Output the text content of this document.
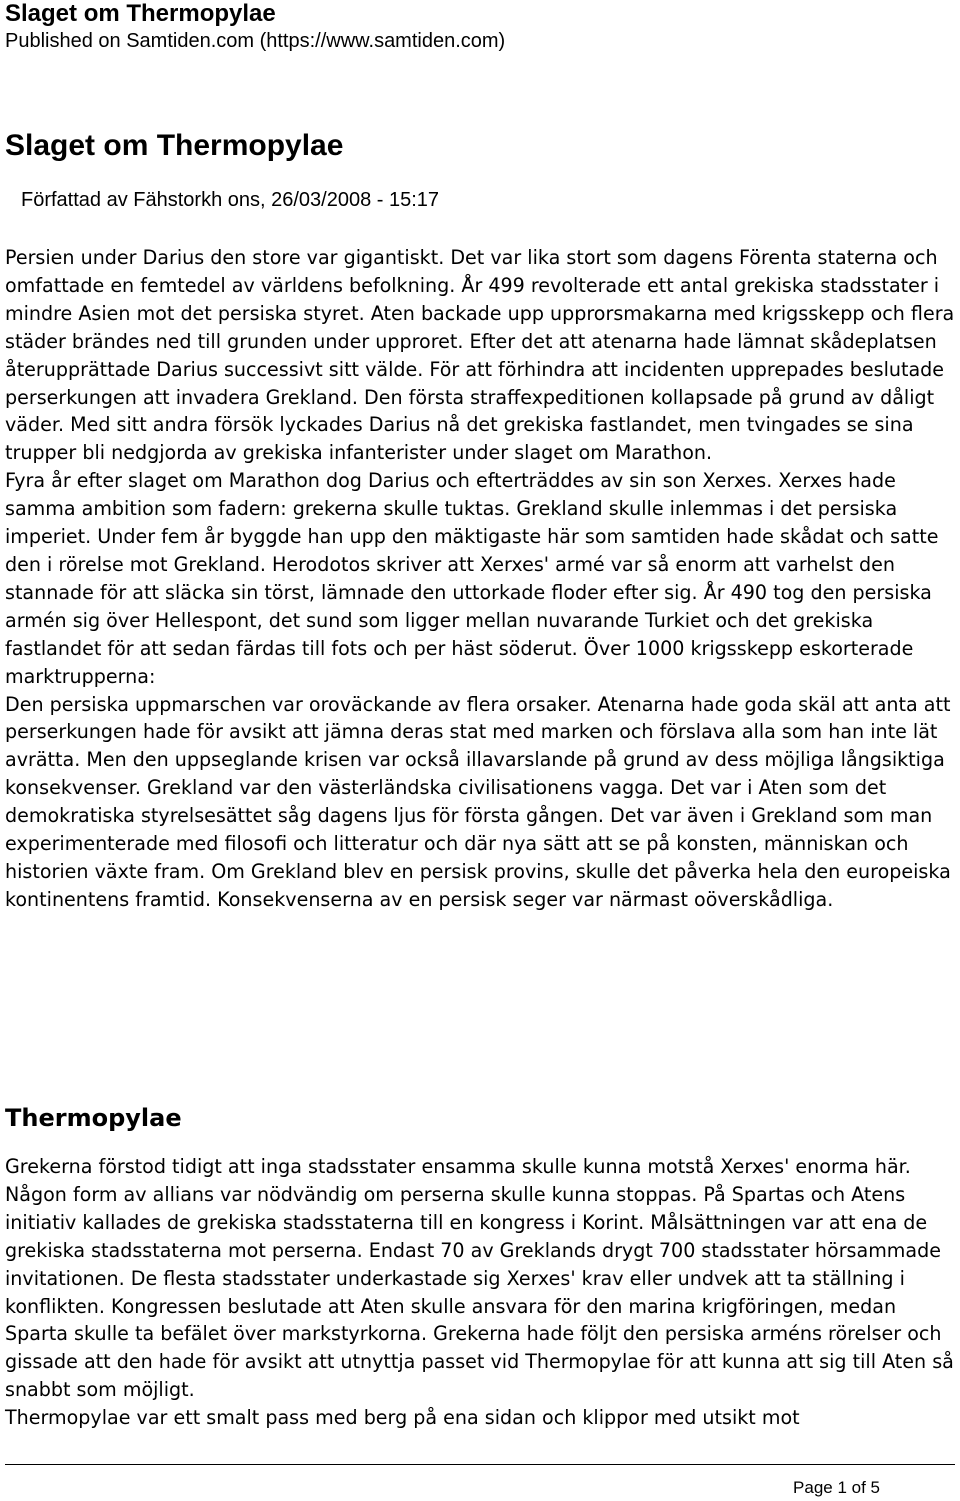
Slaget om Thermopylae
Published on Samtiden.com (https://www.samtiden.com)
Slaget om Thermopylae
Författad av Fähstorkh ons, 26/03/2008 - 15:17

Persien under Darius den store var gigantiskt. Det var lika stort som dagens Förenta staterna och omfattade en femtedel av världens befolkning. År 499 revolterade ett antal grekiska stadsstater i mindre Asien mot det persiska styret. Aten backade upp upprorsmakarna med krigsskepp och flera städer brändes ned till grunden under upproret. Efter det att atenarna hade lämnat skådeplatsen återupprättade Darius successivt sitt välde. För att förhindra att incidenten upprepades beslutade perserkungen att invadera Grekland. Den första straffexpeditionen kollapsade på grund av dåligt väder. Med sitt andra försök lyckades Darius nå det grekiska fastlandet, men tvingades se sina trupper bli nedgjorda av grekiska infanterister under slaget om Marathon.

Fyra år efter slaget om Marathon dog Darius och efterträddes av sin son Xerxes. Xerxes hade samma ambition som fadern: grekerna skulle tuktas. Grekland skulle inlemmas i det persiska imperiet. Under fem år byggde han upp den mäktigaste här som samtiden hade skådat och satte den i rörelse mot Grekland. Herodotos skriver att Xerxes' armé var så enorm att varhelst den stannade för att släcka sin törst, lämnade den uttorkade floder efter sig. År 490 tog den persiska armén sig över Hellespont, det sund som ligger mellan nuvarande Turkiet och det grekiska fastlandet för att sedan färdas till fots och per häst söderut. Över 1000 krigsskepp eskorterade marktrupperna:

Den persiska uppmarschen var oroväckande av flera orsaker. Atenarna hade goda skäl att anta att perserkungen hade för avsikt att jämna deras stat med marken och förslava alla som han inte lät avrätta. Men den uppseglande krisen var också illavarslande på grund av dess möjliga långsiktiga konsekvenser. Grekland var den västerländska civilisationens vagga. Det var i Aten som det demokratiska styrelsesättet såg dagens ljus för första gången. Det var även i Grekland som man experimenterade med filosofi och litteratur och där nya sätt att se på konsten, människan och historien växte fram. Om Grekland blev en persisk provins, skulle det påverka hela den europeiska kontinentens framtid. Konsekvenserna av en persisk seger var närmast oöverskådliga.

Thermopylae

Grekerna förstod tidigt att inga stadsstater ensamma skulle kunna motstå Xerxes' enorma här. Någon form av allians var nödvändig om perserna skulle kunna stoppas. På Spartas och Atens initiativ kallades de grekiska stadsstaterna till en kongress i Korint. Målsättningen var att ena de grekiska stadsstaterna mot perserna. Endast 70 av Greklands drygt 700 stadsstater hörsammade invitationen. De flesta stadsstater underkastade sig Xerxes' krav eller undvek att ta ställning i konflikten. Kongressen beslutade att Aten skulle ansvara för den marina krigföringen, medan Sparta skulle ta befälet över markstyrkorna. Grekerna hade följt den persiska arméns rörelser och gissade att den hade för avsikt att utnyttja passet vid Thermopylae för att kunna att sig till Aten så snabbt som möjligt.

Thermopylae var ett smalt pass med berg på ena sidan och klippor med utsikt mot

Page 1 of 5
